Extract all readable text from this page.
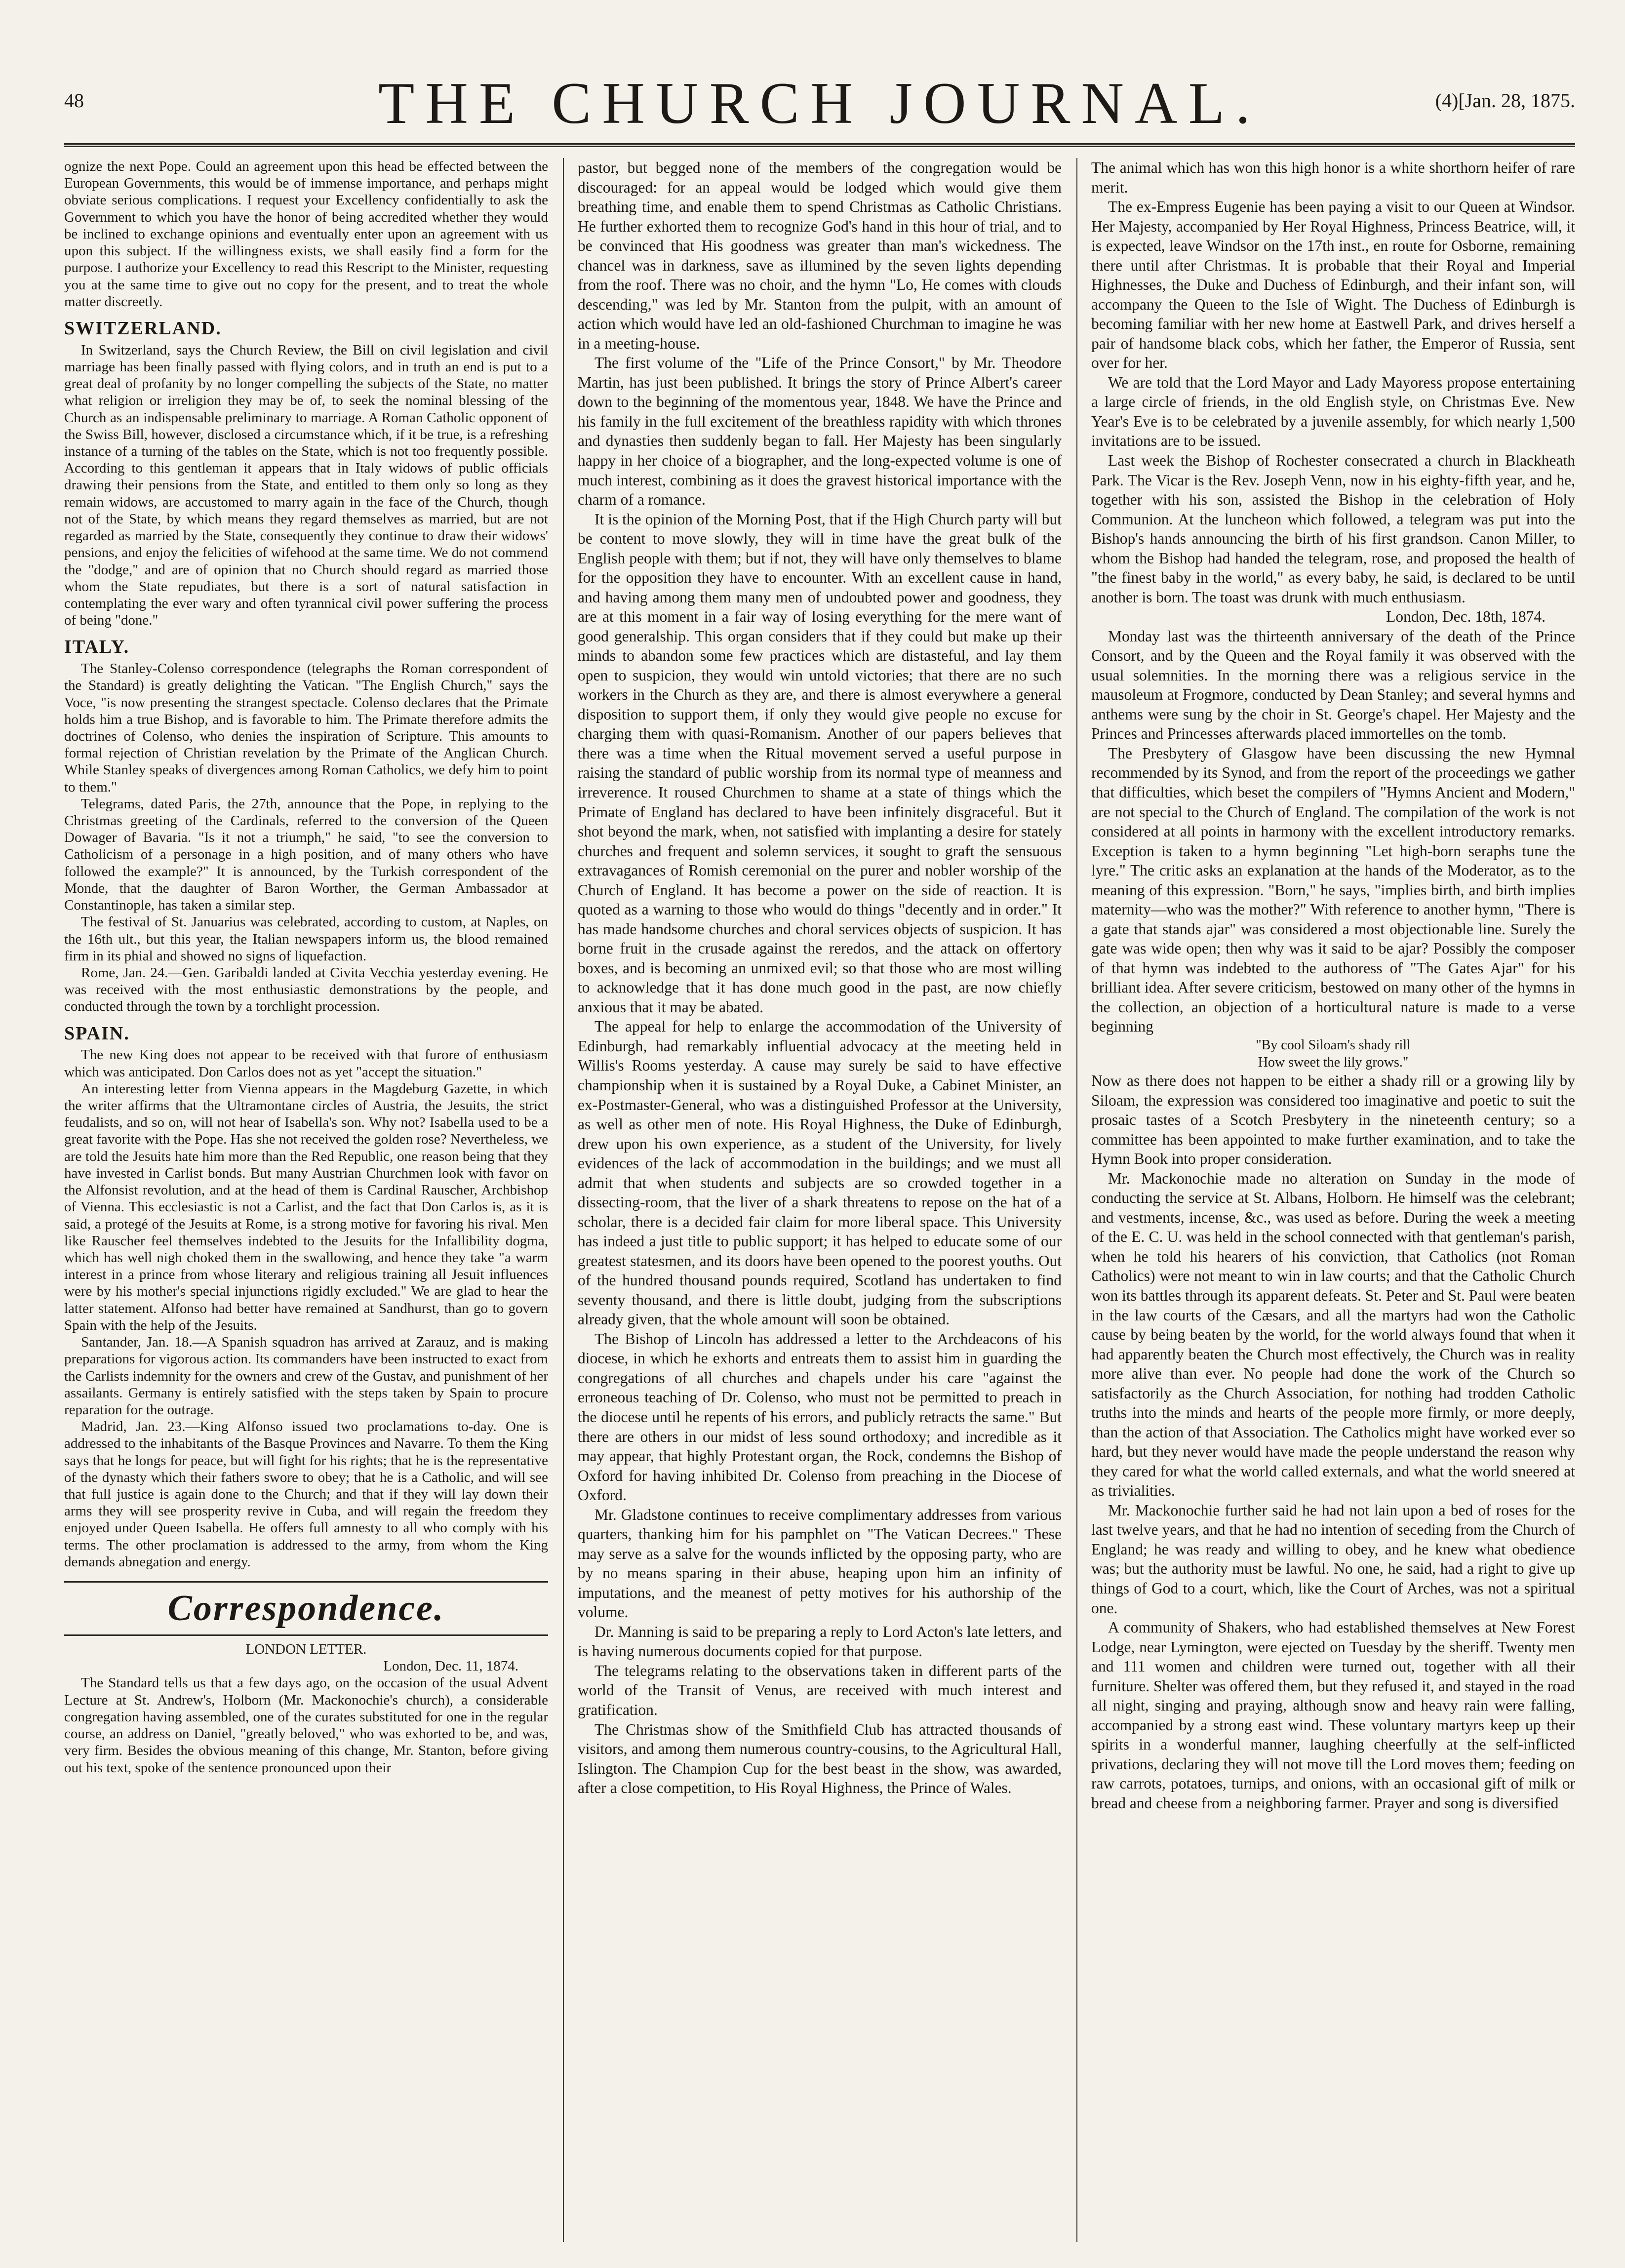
48	THE CHURCH JOURNAL.	(4)[Jan. 28, 1875.

ognize the next Pope. Could an agreement upon this head be effected between the European Governments, this would be of immense importance, and perhaps might obviate serious complications. I request your Excellency confidentially to ask the Government to which you have the honor of being accredited whether they would be inclined to exchange opinions and eventually enter upon an agreement with us upon this subject. If the willingness exists, we shall easily find a form for the purpose. I authorize your Excellency to read this Rescript to the Minister, requesting you at the same time to give out no copy for the present, and to treat the whole matter discreetly.

SWITZERLAND.

In Switzerland, says the Church Review, the Bill on civil legislation and civil marriage has been finally passed with flying colors, and in truth an end is put to a great deal of profanity by no longer compelling the subjects of the State, no matter what religion or irreligion they may be of, to seek the nominal blessing of the Church as an indispensable preliminary to marriage. A Roman Catholic opponent of the Swiss Bill, however, disclosed a circumstance which, if it be true, is a refreshing instance of a turning of the tables on the State, which is not too frequently possible. According to this gentleman it appears that in Italy widows of public officials drawing their pensions from the State, and entitled to them only so long as they remain widows, are accustomed to marry again in the face of the Church, though not of the State, by which means they regard themselves as married, but are not regarded as married by the State, consequently they continue to draw their widows' pensions, and enjoy the felicities of wifehood at the same time. We do not commend the "dodge," and are of opinion that no Church should regard as married those whom the State repudiates, but there is a sort of natural satisfaction in contemplating the ever wary and often tyrannical civil power suffering the process of being "done."

ITALY.

The Stanley-Colenso correspondence (telegraphs the Roman correspondent of the Standard) is greatly delighting the Vatican. "The English Church," says the Voce, "is now presenting the strangest spectacle. Colenso declares that the Primate holds him a true Bishop, and is favorable to him. The Primate therefore admits the doctrines of Colenso, who denies the inspiration of Scripture. This amounts to formal rejection of Christian revelation by the Primate of the Anglican Church. While Stanley speaks of divergences among Roman Catholics, we defy him to point to them."

Telegrams, dated Paris, the 27th, announce that the Pope, in replying to the Christmas greeting of the Cardinals, referred to the conversion of the Queen Dowager of Bavaria. "Is it not a triumph," he said, "to see the conversion to Catholicism of a personage in a high position, and of many others who have followed the example?" It is announced, by the Turkish correspondent of the Monde, that the daughter of Baron Worther, the German Ambassador at Constantinople, has taken a similar step.

The festival of St. Januarius was celebrated, according to custom, at Naples, on the 16th ult., but this year, the Italian newspapers inform us, the blood remained firm in its phial and showed no signs of liquefaction.

Rome, Jan. 24.—Gen. Garibaldi landed at Civita Vecchia yesterday evening. He was received with the most enthusiastic demonstrations by the people, and conducted through the town by a torchlight procession.

SPAIN.

The new King does not appear to be received with that furore of enthusiasm which was anticipated. Don Carlos does not as yet "accept the situation."

An interesting letter from Vienna appears in the Magdeburg Gazette, in which the writer affirms that the Ultramontane circles of Austria, the Jesuits, the strict feudalists, and so on, will not hear of Isabella's son. Why not? Isabella used to be a great favorite with the Pope. Has she not received the golden rose? Nevertheless, we are told the Jesuits hate him more than the Red Republic, one reason being that they have invested in Carlist bonds. But many Austrian Churchmen look with favor on the Alfonsist revolution, and at the head of them is Cardinal Rauscher, Archbishop of Vienna. This ecclesiastic is not a Carlist, and the fact that Don Carlos is, as it is said, a protegé of the Jesuits at Rome, is a strong motive for favoring his rival. Men like Rauscher feel themselves indebted to the Jesuits for the Infallibility dogma, which has well nigh choked them in the swallowing, and hence they take "a warm interest in a prince from whose literary and religious training all Jesuit influences were by his mother's special injunctions rigidly excluded." We are glad to hear the latter statement. Alfonso had better have remained at Sandhurst, than go to govern Spain with the help of the Jesuits.

Santander, Jan. 18.—A Spanish squadron has arrived at Zarauz, and is making preparations for vigorous action. Its commanders have been instructed to exact from the Carlists indemnity for the owners and crew of the Gustav, and punishment of her assailants. Germany is entirely satisfied with the steps taken by Spain to procure reparation for the outrage.

Madrid, Jan. 23.—King Alfonso issued two proclamations to-day. One is addressed to the inhabitants of the Basque Provinces and Navarre. To them the King says that he longs for peace, but will fight for his rights; that he is the representative of the dynasty which their fathers swore to obey; that he is a Catholic, and will see that full justice is again done to the Church; and that if they will lay down their arms they will see prosperity revive in Cuba, and will regain the freedom they enjoyed under Queen Isabella. He offers full amnesty to all who comply with his terms. The other proclamation is addressed to the army, from whom the King demands abnegation and energy.

Correspondence.

LONDON LETTER.

London, Dec. 11, 1874.

The Standard tells us that a few days ago, on the occasion of the usual Advent Lecture at St. Andrew's, Holborn (Mr. Mackonochie's church), a considerable congregation having assembled, one of the curates substituted for one in the regular course, an address on Daniel, "greatly beloved," who was exhorted to be, and was, very firm. Besides the obvious meaning of this change, Mr. Stanton, before giving out his text, spoke of the sentence pronounced upon their

pastor, but begged none of the members of the congregation would be discouraged: for an appeal would be lodged which would give them breathing time, and enable them to spend Christmas as Catholic Christians. He further exhorted them to recognize God's hand in this hour of trial, and to be convinced that His goodness was greater than man's wickedness. The chancel was in darkness, save as illumined by the seven lights depending from the roof. There was no choir, and the hymn "Lo, He comes with clouds descending," was led by Mr. Stanton from the pulpit, with an amount of action which would have led an old-fashioned Churchman to imagine he was in a meeting-house.

The first volume of the "Life of the Prince Consort," by Mr. Theodore Martin, has just been published. It brings the story of Prince Albert's career down to the beginning of the momentous year, 1848. We have the Prince and his family in the full excitement of the breathless rapidity with which thrones and dynasties then suddenly began to fall. Her Majesty has been singularly happy in her choice of a biographer, and the long-expected volume is one of much interest, combining as it does the gravest historical importance with the charm of a romance.

It is the opinion of the Morning Post, that if the High Church party will but be content to move slowly, they will in time have the great bulk of the English people with them; but if not, they will have only themselves to blame for the opposition they have to encounter. With an excellent cause in hand, and having among them many men of undoubted power and goodness, they are at this moment in a fair way of losing everything for the mere want of good generalship. This organ considers that if they could but make up their minds to abandon some few practices which are distasteful, and lay them open to suspicion, they would win untold victories; that there are no such workers in the Church as they are, and there is almost everywhere a general disposition to support them, if only they would give people no excuse for charging them with quasi-Romanism. Another of our papers believes that there was a time when the Ritual movement served a useful purpose in raising the standard of public worship from its normal type of meanness and irreverence. It roused Churchmen to shame at a state of things which the Primate of England has declared to have been infinitely disgraceful. But it shot beyond the mark, when, not satisfied with implanting a desire for stately churches and frequent and solemn services, it sought to graft the sensuous extravagances of Romish ceremonial on the purer and nobler worship of the Church of England. It has become a power on the side of reaction. It is quoted as a warning to those who would do things "decently and in order." It has made handsome churches and choral services objects of suspicion. It has borne fruit in the crusade against the reredos, and the attack on offertory boxes, and is becoming an unmixed evil; so that those who are most willing to acknowledge that it has done much good in the past, are now chiefly anxious that it may be abated.

The appeal for help to enlarge the accommodation of the University of Edinburgh, had remarkably influential advocacy at the meeting held in Willis's Rooms yesterday. A cause may surely be said to have effective championship when it is sustained by a Royal Duke, a Cabinet Minister, an ex-Postmaster-General, who was a distinguished Professor at the University, as well as other men of note. His Royal Highness, the Duke of Edinburgh, drew upon his own experience, as a student of the University, for lively evidences of the lack of accommodation in the buildings; and we must all admit that when students and subjects are so crowded together in a dissecting-room, that the liver of a shark threatens to repose on the hat of a scholar, there is a decided fair claim for more liberal space. This University has indeed a just title to public support; it has helped to educate some of our greatest statesmen, and its doors have been opened to the poorest youths. Out of the hundred thousand pounds required, Scotland has undertaken to find seventy thousand, and there is little doubt, judging from the subscriptions already given, that the whole amount will soon be obtained.

The Bishop of Lincoln has addressed a letter to the Archdeacons of his diocese, in which he exhorts and entreats them to assist him in guarding the congregations of all churches and chapels under his care "against the erroneous teaching of Dr. Colenso, who must not be permitted to preach in the diocese until he repents of his errors, and publicly retracts the same." But there are others in our midst of less sound orthodoxy; and incredible as it may appear, that highly Protestant organ, the Rock, condemns the Bishop of Oxford for having inhibited Dr. Colenso from preaching in the Diocese of Oxford.

Mr. Gladstone continues to receive complimentary addresses from various quarters, thanking him for his pamphlet on "The Vatican Decrees." These may serve as a salve for the wounds inflicted by the opposing party, who are by no means sparing in their abuse, heaping upon him an infinity of imputations, and the meanest of petty motives for his authorship of the volume.

Dr. Manning is said to be preparing a reply to Lord Acton's late letters, and is having numerous documents copied for that purpose.

The telegrams relating to the observations taken in different parts of the world of the Transit of Venus, are received with much interest and gratification.

The Christmas show of the Smithfield Club has attracted thousands of visitors, and among them numerous country-cousins, to the Agricultural Hall, Islington. The Champion Cup for the best beast in the show, was awarded, after a close competition, to His Royal Highness, the Prince of Wales.

The animal which has won this high honor is a white shorthorn heifer of rare merit.

The ex-Empress Eugenie has been paying a visit to our Queen at Windsor. Her Majesty, accompanied by Her Royal Highness, Princess Beatrice, will, it is expected, leave Windsor on the 17th inst., en route for Osborne, remaining there until after Christmas. It is probable that their Royal and Imperial Highnesses, the Duke and Duchess of Edinburgh, and their infant son, will accompany the Queen to the Isle of Wight. The Duchess of Edinburgh is becoming familiar with her new home at Eastwell Park, and drives herself a pair of handsome black cobs, which her father, the Emperor of Russia, sent over for her.

We are told that the Lord Mayor and Lady Mayoress propose entertaining a large circle of friends, in the old English style, on Christmas Eve. New Year's Eve is to be celebrated by a juvenile assembly, for which nearly 1,500 invitations are to be issued.

Last week the Bishop of Rochester consecrated a church in Blackheath Park. The Vicar is the Rev. Joseph Venn, now in his eighty-fifth year, and he, together with his son, assisted the Bishop in the celebration of Holy Communion. At the luncheon which followed, a telegram was put into the Bishop's hands announcing the birth of his first grandson. Canon Miller, to whom the Bishop had handed the telegram, rose, and proposed the health of "the finest baby in the world," as every baby, he said, is declared to be until another is born. The toast was drunk with much enthusiasm.

London, Dec. 18th, 1874.

Monday last was the thirteenth anniversary of the death of the Prince Consort, and by the Queen and the Royal family it was observed with the usual solemnities. In the morning there was a religious service in the mausoleum at Frogmore, conducted by Dean Stanley; and several hymns and anthems were sung by the choir in St. George's chapel. Her Majesty and the Princes and Princesses afterwards placed immortelles on the tomb.

The Presbytery of Glasgow have been discussing the new Hymnal recommended by its Synod, and from the report of the proceedings we gather that difficulties, which beset the compilers of "Hymns Ancient and Modern," are not special to the Church of England. The compilation of the work is not considered at all points in harmony with the excellent introductory remarks. Exception is taken to a hymn beginning "Let high-born seraphs tune the lyre." The critic asks an explanation at the hands of the Moderator, as to the meaning of this expression. "Born," he says, "implies birth, and birth implies maternity—who was the mother?" With reference to another hymn, "There is a gate that stands ajar" was considered a most objectionable line. Surely the gate was wide open; then why was it said to be ajar? Possibly the composer of that hymn was indebted to the authoress of "The Gates Ajar" for his brilliant idea. After severe criticism, bestowed on many other of the hymns in the collection, an objection of a horticultural nature is made to a verse beginning

"By cool Siloam's shady rill

How sweet the lily grows."

Now as there does not happen to be either a shady rill or a growing lily by Siloam, the expression was considered too imaginative and poetic to suit the prosaic tastes of a Scotch Presbytery in the nineteenth century; so a committee has been appointed to make further examination, and to take the Hymn Book into proper consideration.

Mr. Mackonochie made no alteration on Sunday in the mode of conducting the service at St. Albans, Holborn. He himself was the celebrant; and vestments, incense, &c., was used as before. During the week a meeting of the E. C. U. was held in the school connected with that gentleman's parish, when he told his hearers of his conviction, that Catholics (not Roman Catholics) were not meant to win in law courts; and that the Catholic Church won its battles through its apparent defeats. St. Peter and St. Paul were beaten in the law courts of the Cæsars, and all the martyrs had won the Catholic cause by being beaten by the world, for the world always found that when it had apparently beaten the Church most effectively, the Church was in reality more alive than ever. No people had done the work of the Church so satisfactorily as the Church Association, for nothing had trodden Catholic truths into the minds and hearts of the people more firmly, or more deeply, than the action of that Association. The Catholics might have worked ever so hard, but they never would have made the people understand the reason why they cared for what the world called externals, and what the world sneered at as trivialities.

Mr. Mackonochie further said he had not lain upon a bed of roses for the last twelve years, and that he had no intention of seceding from the Church of England; he was ready and willing to obey, and he knew what obedience was; but the authority must be lawful. No one, he said, had a right to give up things of God to a court, which, like the Court of Arches, was not a spiritual one.

A community of Shakers, who had established themselves at New Forest Lodge, near Lymington, were ejected on Tuesday by the sheriff. Twenty men and 111 women and children were turned out, together with all their furniture. Shelter was offered them, but they refused it, and stayed in the road all night, singing and praying, although snow and heavy rain were falling, accompanied by a strong east wind. These voluntary martyrs keep up their spirits in a wonderful manner, laughing cheerfully at the self-inflicted privations, declaring they will not move till the Lord moves them; feeding on raw carrots, potatoes, turnips, and onions, with an occasional gift of milk or bread and cheese from a neighboring farmer. Prayer and song is diversified
